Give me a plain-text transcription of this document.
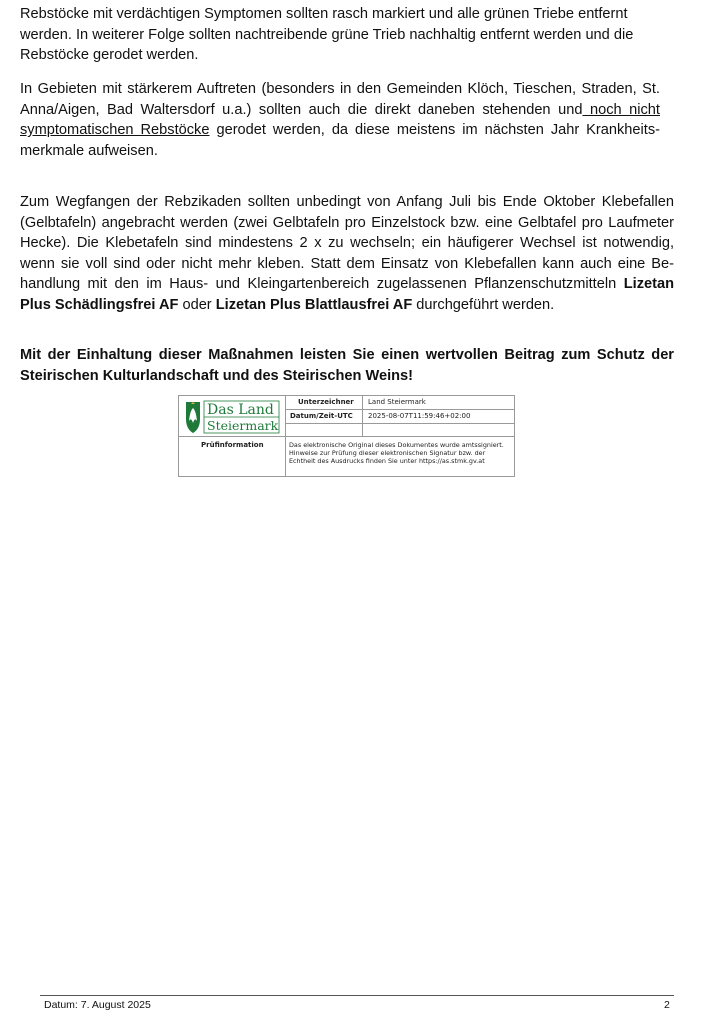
Rebstöcke mit verdächtigen Symptomen sollten rasch markiert und alle grünen Triebe entfernt
werden. In weiterer Folge sollten nachtreibende grüne Trieb nachhaltig entfernt werden und die
Rebstöcke gerodet werden.

In Gebieten mit stärkerem Auftreten (besonders in den Gemeinden Klöch, Tieschen, Straden, St. Anna/Aigen, Bad Waltersdorf u.a.) sollten auch die direkt daneben stehenden und noch nicht symptomatischen Rebstöcke gerodet werden, da diese meistens im nächsten Jahr Krankheits-merkmale aufweisen.

Zum Wegfangen der Rebzikaden sollten unbedingt von Anfang Juli bis Ende Oktober Klebefallen (Gelbtafeln) angebracht werden (zwei Gelbtafeln pro Einzelstock bzw. eine Gelbtafel pro Laufmeter Hecke). Die Klebetafeln sind mindestens 2 x zu wechseln; ein häufigerer Wechsel ist notwendig, wenn sie voll sind oder nicht mehr kleben. Statt dem Einsatz von Klebefallen kann auch eine Be-handlung mit den im Haus- und Kleingartenbereich zugelassenen Pflanzenschutzmitteln Lizetan Plus Schädlingsfrei AF oder Lizetan Plus Blattlausfrei AF durchgeführt werden.

Mit der Einhaltung dieser Maßnahmen leisten Sie einen wertvollen Beitrag zum Schutz der Steirischen Kulturlandschaft und des Steirischen Weins!

Das Land
Steiermark
Unterzeichner Land Steiermark
Datum/Zeit-UTC 2025-08-07T11:59:46+02:00
Prüfinformation	Das elektronische Original dieses Dokumentes wurde amtssigniert. Hinweise zur Prüfung dieser elektronischen Signatur bzw. der Echtheit des Ausdrucks finden Sie unter https://as.stmk.gv.at
Datum: 7. August 2025	2
